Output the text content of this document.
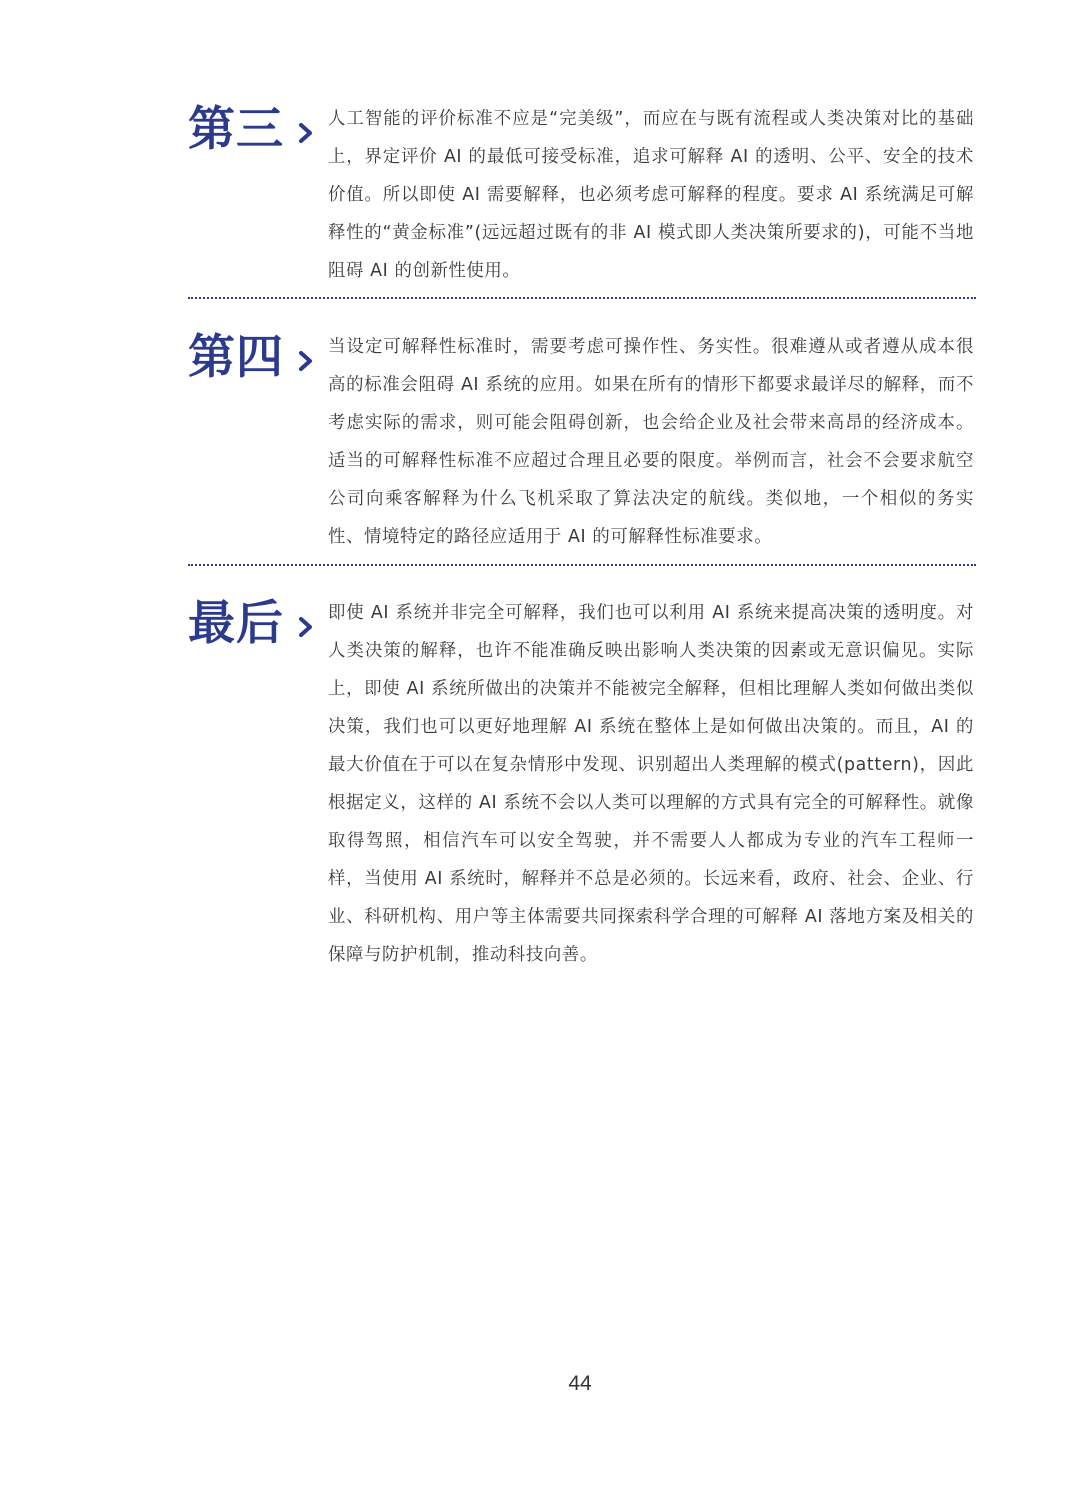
第三	人工智能的评价标准不应是“完美级”，而应在与既有流程或人类决策对比的基础上，界定评价 AI 的最低可接受标准，追求可解释 AI 的透明、公平、安全的技术价值。所以即使 AI 需要解释，也必须考虑可解释的程度。要求 AI 系统满足可解释性的“黄金标准”(远远超过既有的非 AI 模式即人类决策所要求的)，可能不当地阻碍 AI 的创新性使用。
第四	当设定可解释性标准时，需要考虑可操作性、务实性。很难遵从或者遵从成本很高的标准会阻碍 AI 系统的应用。如果在所有的情形下都要求最详尽的解释，而不考虑实际的需求，则可能会阻碍创新，也会给企业及社会带来高昂的经济成本。适当的可解释性标准不应超过合理且必要的限度。举例而言，社会不会要求航空公司向乘客解释为什么飞机采取了算法决定的航线。类似地，一个相似的务实性、情境特定的路径应适用于 AI 的可解释性标准要求。
最后	即使 AI 系统并非完全可解释，我们也可以利用 AI 系统来提高决策的透明度。对人类决策的解释，也许不能准确反映出影响人类决策的因素或无意识偏见。实际上，即使 AI 系统所做出的决策并不能被完全解释，但相比理解人类如何做出类似决策，我们也可以更好地理解 AI 系统在整体上是如何做出决策的。而且，AI 的最大价值在于可以在复杂情形中发现、识别超出人类理解的模式(pattern)，因此根据定义，这样的 AI 系统不会以人类可以理解的方式具有完全的可解释性。就像取得驾照，相信汽车可以安全驾驶，并不需要人人都成为专业的汽车工程师一样，当使用 AI 系统时，解释并不总是必须的。长远来看，政府、社会、企业、行业、科研机构、用户等主体需要共同探索科学合理的可解释 AI 落地方案及相关的保障与防护机制，推动科技向善。
44
